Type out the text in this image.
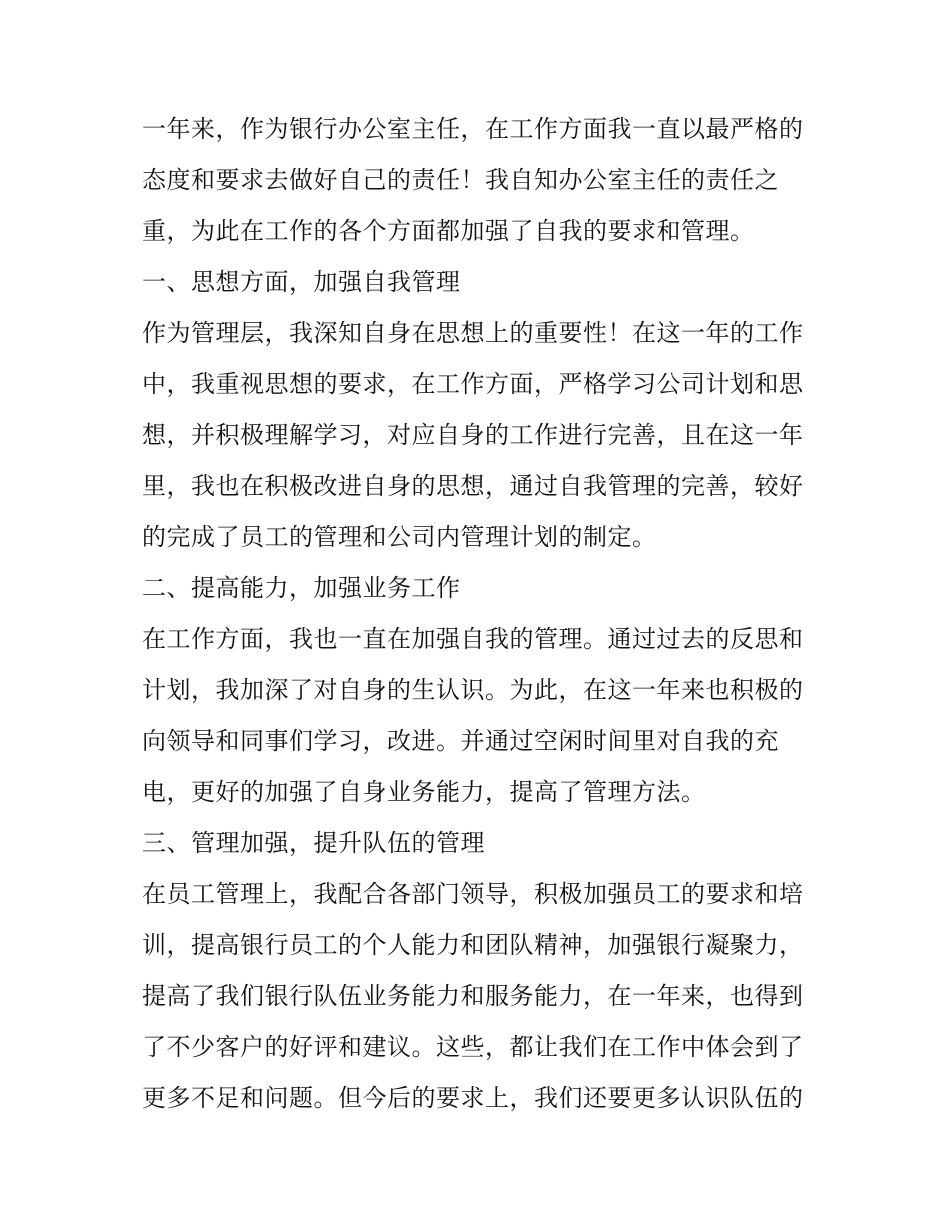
一年来，作为银行办公室主任，在工作方面我一直以最严格的
态度和要求去做好自己的责任！我自知办公室主任的责任之
重，为此在工作的各个方面都加强了自我的要求和管理。
一、思想方面，加强自我管理
作为管理层，我深知自身在思想上的重要性！在这一年的工作
中，我重视思想的要求，在工作方面，严格学习公司计划和思
想，并积极理解学习，对应自身的工作进行完善，且在这一年
里，我也在积极改进自身的思想，通过自我管理的完善，较好
的完成了员工的管理和公司内管理计划的制定。
二、提高能力，加强业务工作
在工作方面，我也一直在加强自我的管理。通过过去的反思和
计划，我加深了对自身的生认识。为此，在这一年来也积极的
向领导和同事们学习，改进。并通过空闲时间里对自我的充
电，更好的加强了自身业务能力，提高了管理方法。
三、管理加强，提升队伍的管理
在员工管理上，我配合各部门领导，积极加强员工的要求和培
训，提高银行员工的个人能力和团队精神，加强银行凝聚力，
提高了我们银行队伍业务能力和服务能力，在一年来，也得到
了不少客户的好评和建议。这些，都让我们在工作中体会到了
更多不足和问题。但今后的要求上，我们还要更多认识队伍的
